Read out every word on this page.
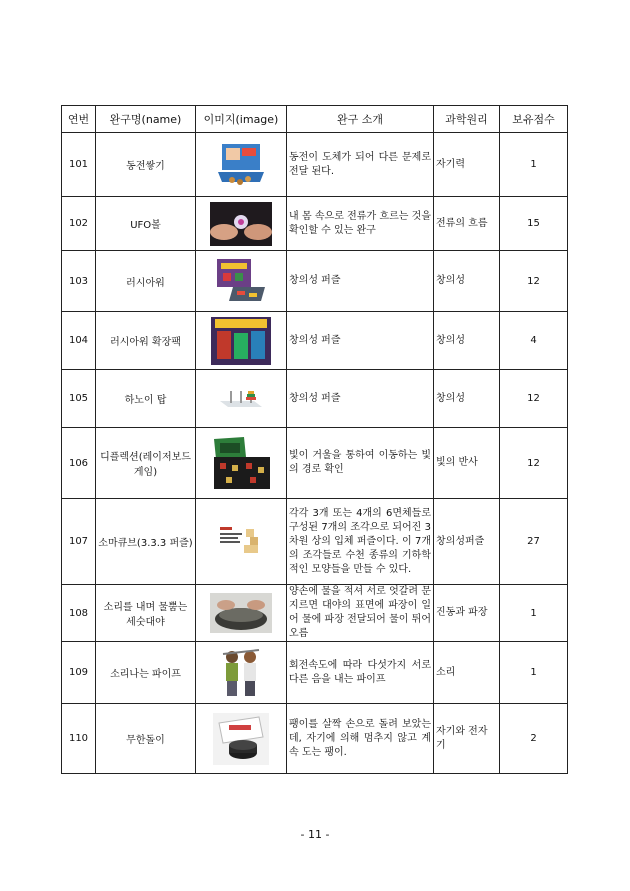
연번	완구명(name)	이미지(image)	완구 소개	과학원리	보유점수
101	동전쌓기		동전이 도체가 되어 다른 문제로 전달 된다.	자기력	1
102	UFO볼		내 몸 속으로 전류가 흐르는 것을 확인할 수 있는 완구	전류의 흐름	15
103	러시아워		창의성 퍼즐	창의성	12
104	러시아워 확장팩		창의성 퍼즐	창의성	4
105	하노이 탑		창의성 퍼즐	창의성	12
106	디플렉션(레이저보드게임)		빛이 거울을 통하여 이동하는 빛의 경로 확인	빛의 반사	12
107	소마큐브(3.3.3 퍼즐)		각각 3개 또는 4개의 6면체들로 구성된 7개의 조각으로 되어진 3차원 상의 입체 퍼즐이다. 이 7개의 조각들로 수천 종류의 기하학적인 모양들을 만들 수 있다.	창의성퍼즐	27
108	소리를 내며 물뿜는 세숫대야		양손에 물을 적셔 서로 엇갈려 문지르면 대야의 표면에 파장이 일어 물에 파장 전달되어 물이 튀어오름	진동과 파장	1
109	소리나는 파이프		회전속도에 따라 다섯가지 서로 다른 음을 내는 파이프	소리	1
110	무한돌이		팽이를 살짝 손으로 돌려 보았는데, 자기에 의해 멈추지 않고 계속 도는 팽이.	자기와 전자기	2
- 11 -
